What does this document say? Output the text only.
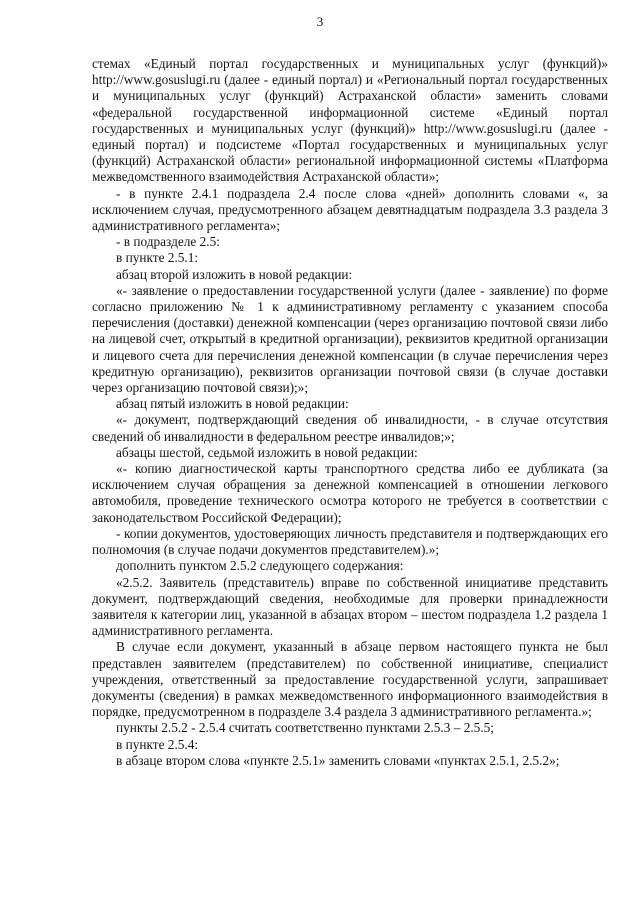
3

стемах «Единый портал государственных и муниципальных услуг (функций)» http://www.gosuslugi.ru (далее - единый портал) и «Региональный портал государственных и муниципальных услуг (функций) Астраханской области» заменить словами «федеральной государственной информационной системе «Единый портал государственных и муниципальных услуг (функций)» http://www.gosuslugi.ru (далее - единый портал) и подсистеме «Портал государственных и муниципальных услуг (функций) Астраханской области» региональной информационной системы «Платформа межведомственного взаимодействия Астраханской области»;

- в пункте 2.4.1 подраздела 2.4 после слова «дней» дополнить словами «, за исключением случая, предусмотренного абзацем девятнадцатым подраздела 3.3 раздела 3 административного регламента»;

- в подразделе 2.5:

в пункте 2.5.1:

абзац второй изложить в новой редакции:

«- заявление о предоставлении государственной услуги (далее - заявление) по форме согласно приложению № 1 к административному регламенту с указанием способа перечисления (доставки) денежной компенсации (через организацию почтовой связи либо на лицевой счет, открытый в кредитной организации), реквизитов кредитной организации и лицевого счета для перечисления денежной компенсации (в случае перечисления через кредитную организацию), реквизитов организации почтовой связи (в случае доставки через организацию почтовой связи);»;

абзац пятый изложить в новой редакции:

«- документ, подтверждающий сведения об инвалидности, - в случае отсутствия сведений об инвалидности в федеральном реестре инвалидов;»;

абзацы шестой, седьмой изложить в новой редакции:

«- копию диагностической карты транспортного средства либо ее дубликата (за исключением случая обращения за денежной компенсацией в отношении легкового автомобиля, проведение технического осмотра которого не требуется в соответствии с законодательством Российской Федерации);

- копии документов, удостоверяющих личность представителя и подтверждающих его полномочия (в случае подачи документов представителем).»;

дополнить пунктом 2.5.2 следующего содержания:

«2.5.2. Заявитель (представитель) вправе по собственной инициативе представить документ, подтверждающий сведения, необходимые для проверки принадлежности заявителя к категории лиц, указанной в абзацах втором – шестом подраздела 1.2 раздела 1 административного регламента.

В случае если документ, указанный в абзаце первом настоящего пункта не был представлен заявителем (представителем) по собственной инициативе, специалист учреждения, ответственный за предоставление государственной услуги, запрашивает документы (сведения) в рамках межведомственного информационного взаимодействия в порядке, предусмотренном в подразделе 3.4 раздела 3 административного регламента.»;

пункты 2.5.2 - 2.5.4 считать соответственно пунктами 2.5.3 – 2.5.5;

в пункте 2.5.4:

в абзаце втором слова «пункте 2.5.1» заменить словами «пунктах 2.5.1, 2.5.2»;
